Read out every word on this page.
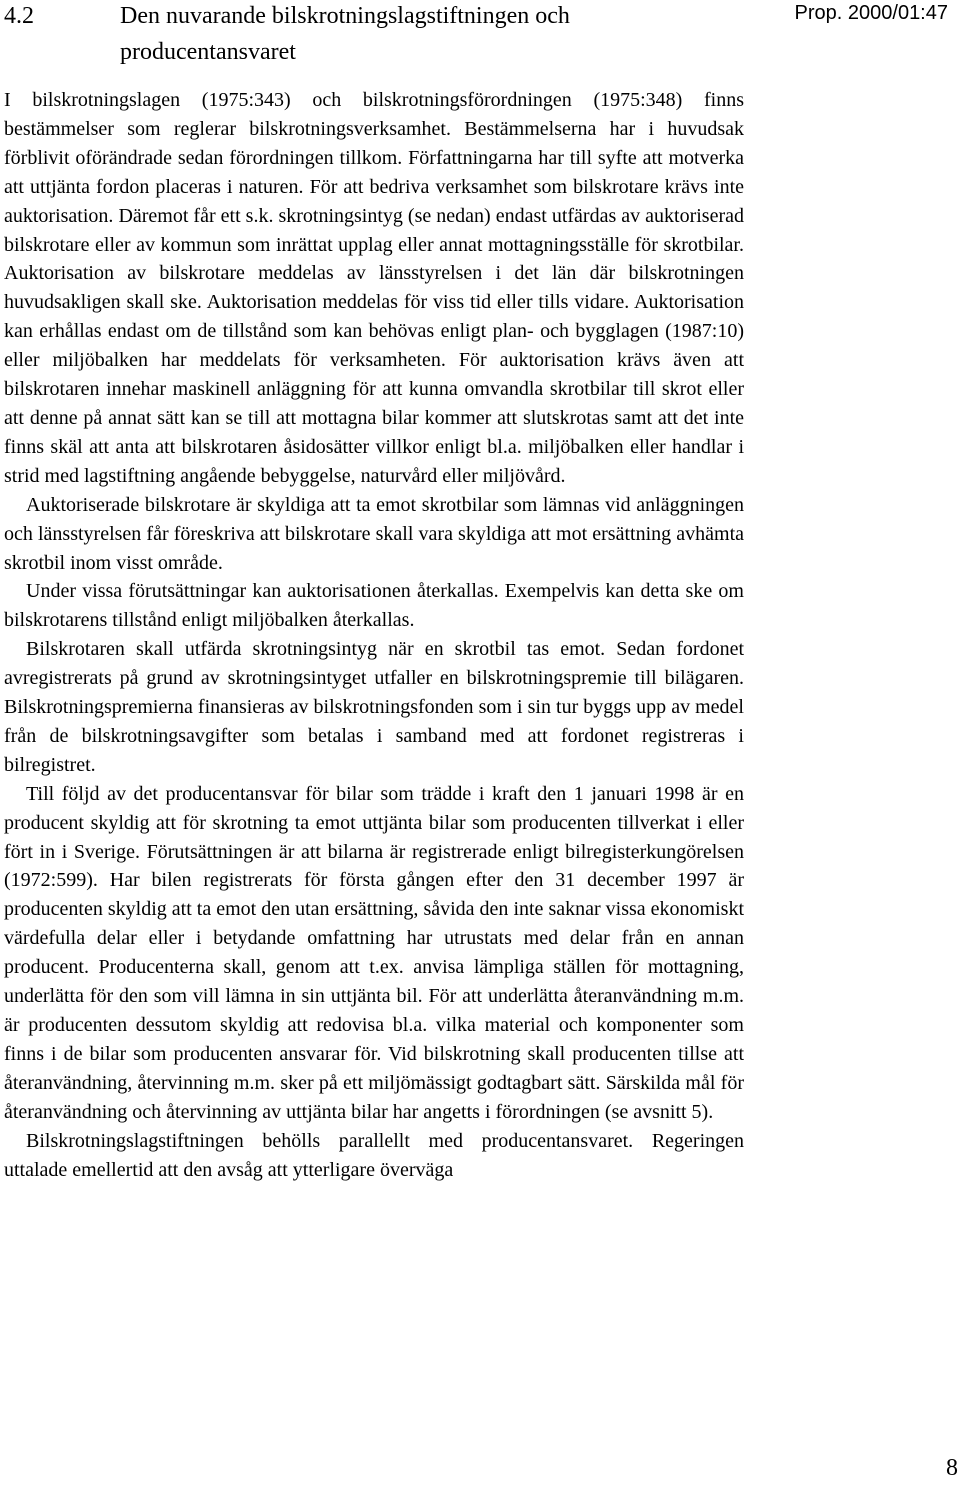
4.2	Den nuvarande bilskrotningslagstiftningen och producentansvaret
Prop. 2000/01:47

I bilskrotningslagen (1975:343) och bilskrotningsförordningen (1975:348) finns bestämmelser som reglerar bilskrotningsverksamhet. Bestämmelserna har i huvudsak förblivit oförändrade sedan förordningen tillkom. Författningarna har till syfte att motverka att uttjänta fordon placeras i naturen. För att bedriva verksamhet som bilskrotare krävs inte auktorisation. Däremot får ett s.k. skrotningsintyg (se nedan) endast utfärdas av auktoriserad bilskrotare eller av kommun som inrättat upplag eller annat mottagningsställe för skrotbilar. Auktorisation av bilskrotare meddelas av länsstyrelsen i det län där bilskrotningen huvudsakligen skall ske. Auktorisation meddelas för viss tid eller tills vidare. Auktorisation kan erhållas endast om de tillstånd som kan behövas enligt plan- och bygglagen (1987:10) eller miljöbalken har meddelats för verksamheten. För auktorisation krävs även att bilskrotaren innehar maskinell anläggning för att kunna omvandla skrotbilar till skrot eller att denne på annat sätt kan se till att mottagna bilar kommer att slutskrotas samt att det inte finns skäl att anta att bilskrotaren åsidosätter villkor enligt bl.a. miljöbalken eller handlar i strid med lagstiftning angående bebyggelse, naturvård eller miljövård.

Auktoriserade bilskrotare är skyldiga att ta emot skrotbilar som lämnas vid anläggningen och länsstyrelsen får föreskriva att bilskrotare skall vara skyldiga att mot ersättning avhämta skrotbil inom visst område.

Under vissa förutsättningar kan auktorisationen återkallas. Exempelvis kan detta ske om bilskrotarens tillstånd enligt miljöbalken återkallas.

Bilskrotaren skall utfärda skrotningsintyg när en skrotbil tas emot. Sedan fordonet avregistrerats på grund av skrotningsintyget utfaller en bilskrotningspremie till bilägaren. Bilskrotningspremierna finansieras av bilskrotningsfonden som i sin tur byggs upp av medel från de bilskrotningsavgifter som betalas i samband med att fordonet registreras i bilregistret.

Till följd av det producentansvar för bilar som trädde i kraft den 1 januari 1998 är en producent skyldig att för skrotning ta emot uttjänta bilar som producenten tillverkat i eller fört in i Sverige. Förutsättningen är att bilarna är registrerade enligt bilregisterkungörelsen (1972:599). Har bilen registrerats för första gången efter den 31 december 1997 är producenten skyldig att ta emot den utan ersättning, såvida den inte saknar vissa ekonomiskt värdefulla delar eller i betydande omfattning har utrustats med delar från en annan producent. Producenterna skall, genom att t.ex. anvisa lämpliga ställen för mottagning, underlätta för den som vill lämna in sin uttjänta bil. För att underlätta återanvändning m.m. är producenten dessutom skyldig att redovisa bl.a. vilka material och komponenter som finns i de bilar som producenten ansvarar för. Vid bilskrotning skall producenten tillse att återanvändning, återvinning m.m. sker på ett miljömässigt godtagbart sätt. Särskilda mål för återanvändning och återvinning av uttjänta bilar har angetts i förordningen (se avsnitt 5).

Bilskrotningslagstiftningen behölls parallellt med producentansvaret. Regeringen uttalade emellertid att den avsåg att ytterligare överväga

8
